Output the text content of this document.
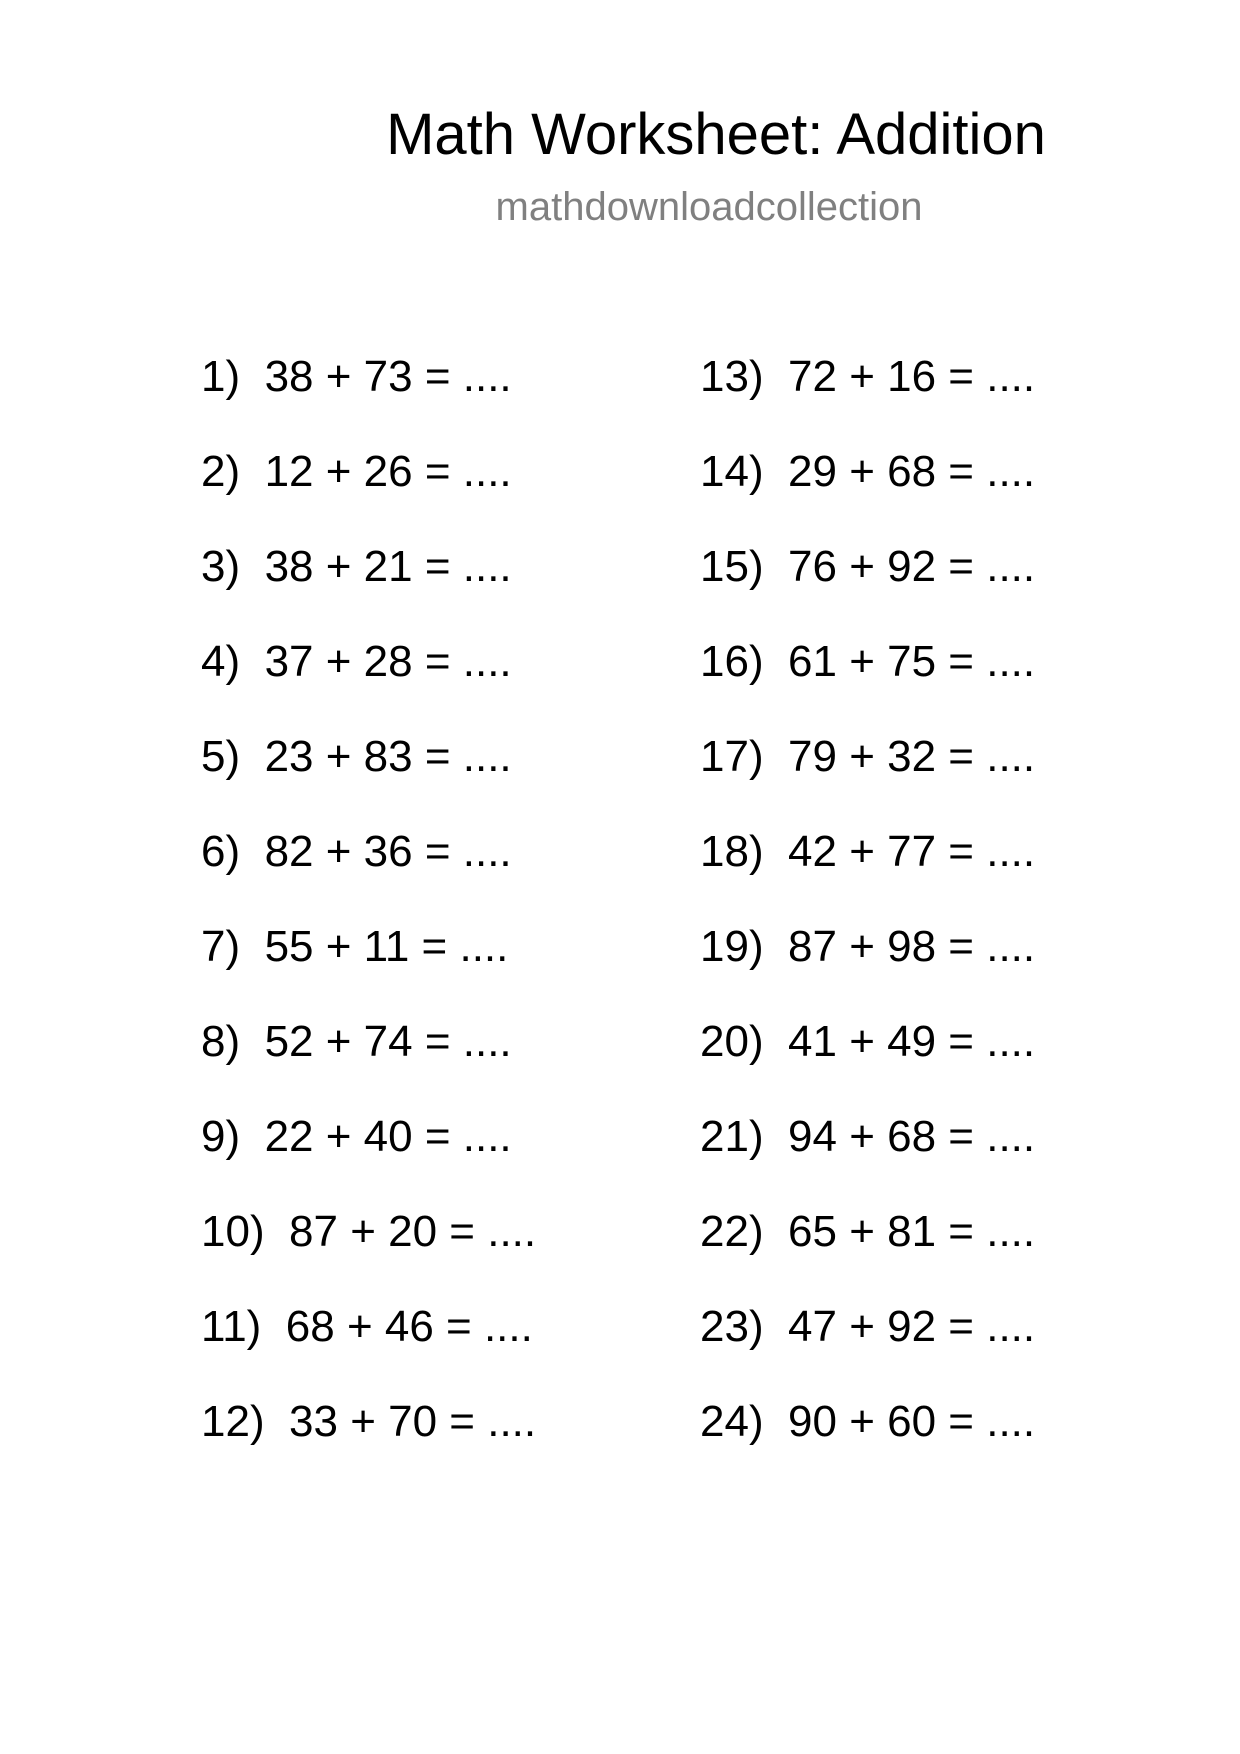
Math Worksheet: Addition
mathdownloadcollection
1)  38 + 73 = ....
2)  12 + 26 = ....
3)  38 + 21 = ....
4)  37 + 28 = ....
5)  23 + 83 = ....
6)  82 + 36 = ....
7)  55 + 11 = ....
8)  52 + 74 = ....
9)  22 + 40 = ....
10)  87 + 20 = ....
11)  68 + 46 = ....
12)  33 + 70 = ....
13)  72 + 16 = ....
14)  29 + 68 = ....
15)  76 + 92 = ....
16)  61 + 75 = ....
17)  79 + 32 = ....
18)  42 + 77 = ....
19)  87 + 98 = ....
20)  41 + 49 = ....
21)  94 + 68 = ....
22)  65 + 81 = ....
23)  47 + 92 = ....
24)  90 + 60 = ....
